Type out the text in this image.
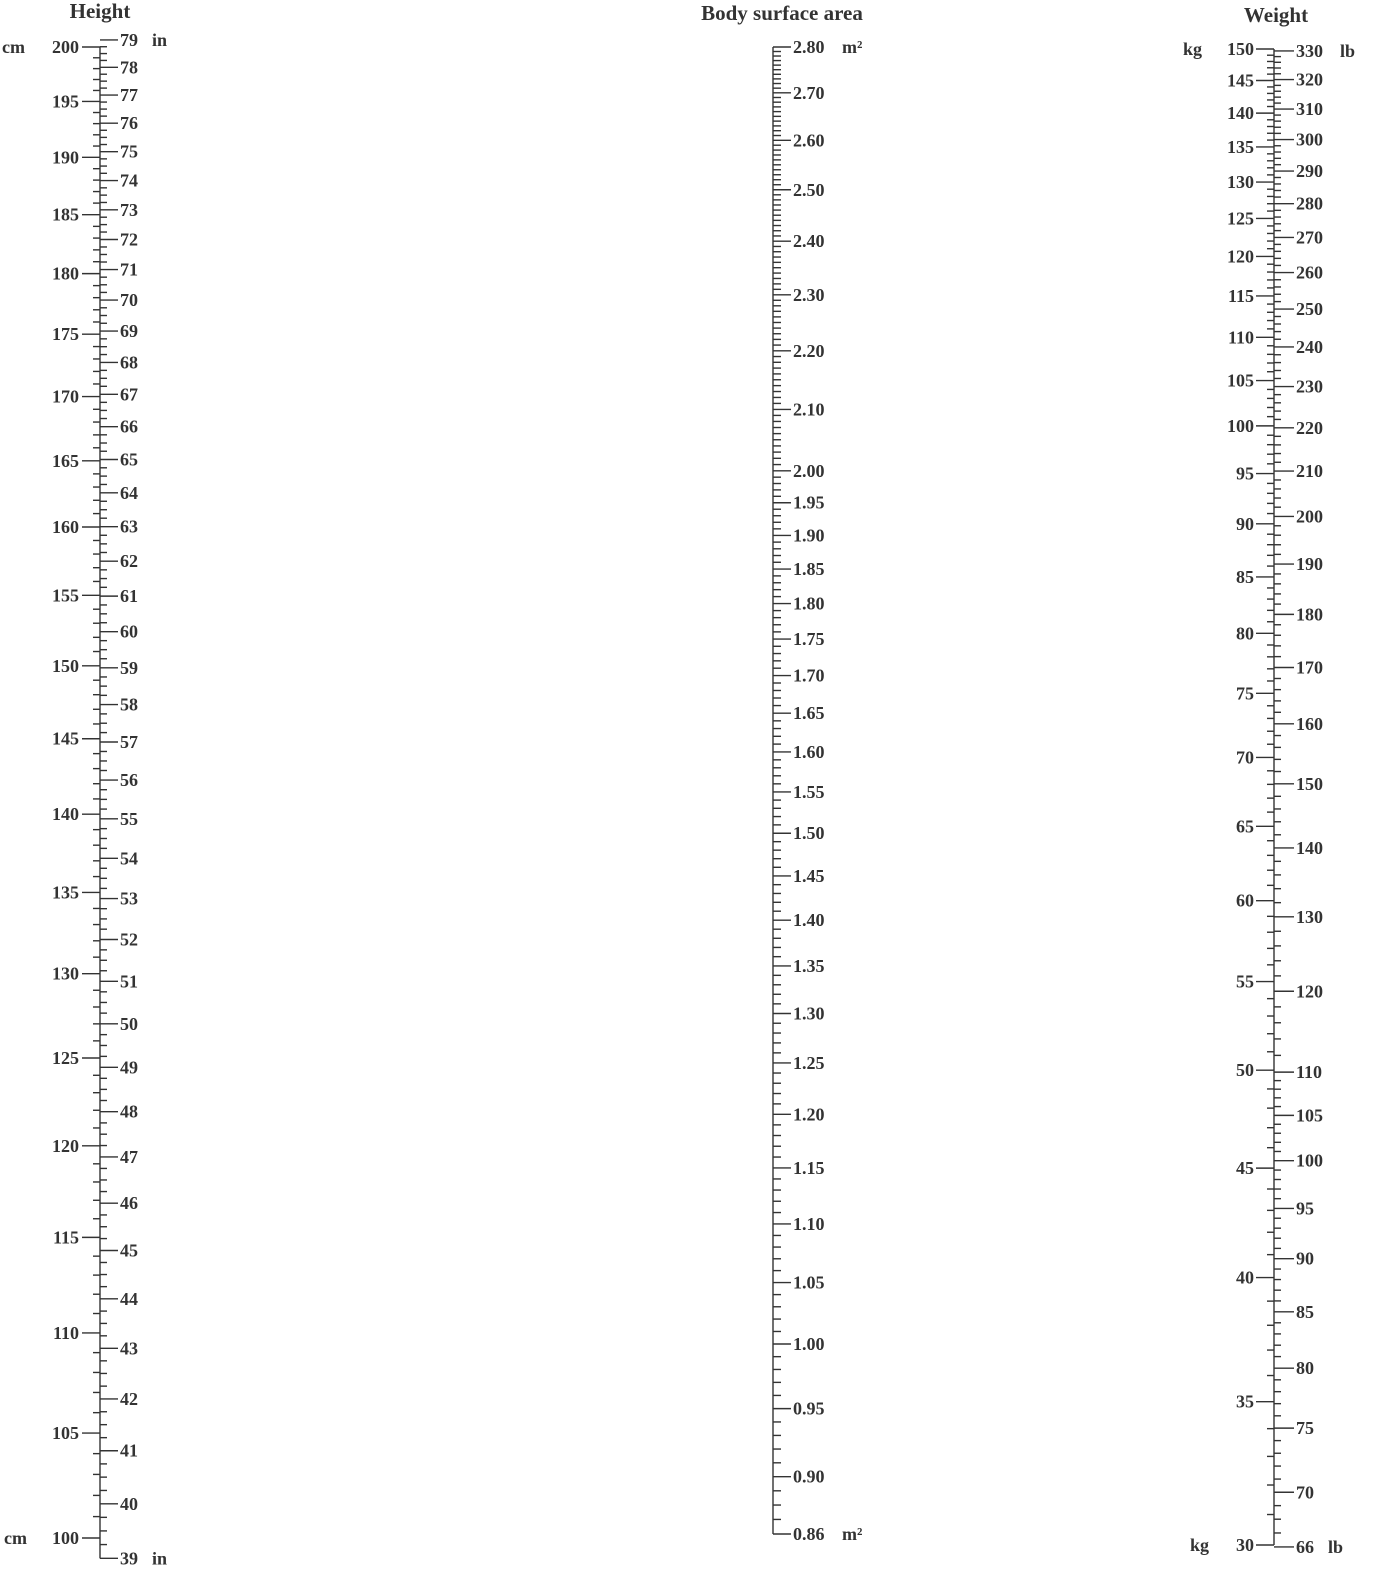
Height	Body surface area	Weight
100
105
110
115
120
125
130
135
140
145
150
155
160
165
170
175
180
185
190
195
200
39
40
41
42
43
44
45
46
47
48
49
50
51
52
53
54
55
56
57
58
59
60
61
62
63
64
65
66
67
68
69
70
71
72
73
74
75
76
77
78
79
cm
cm
in
in
0.86
0.90
0.95
1.00
1.05
1.10
1.15
1.20
1.25
1.30
1.35
1.40
1.45
1.50
1.55
1.60
1.65
1.70
1.75
1.80
1.85
1.90
1.95
2.00
2.10
2.20
2.30
2.40
2.50
2.60
2.70
2.80 m²
m²
30
35
40
45
50
55
60
65
70
75
80
85
90
95
100
105
110
115
120
125
130
135
140
145
150
66
70
75
80
85
90
95
100
105
110
120
130
140
150
160
170
180
190
200
210
220
230
240
250
260
270
280
290
300
310
320
330
kg
kg
lb
lb
